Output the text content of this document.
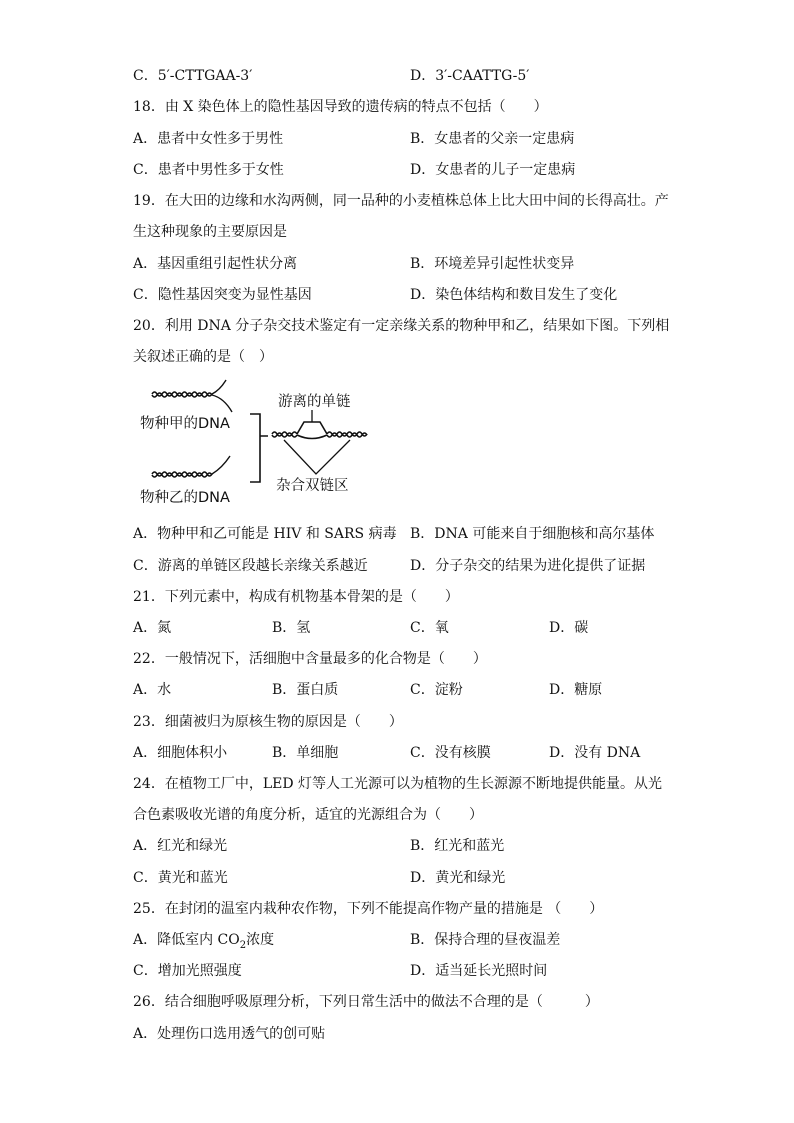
C．5′-CTTGAA-3′	D．3′-CAATTG-5′
18．由 X 染色体上的隐性基因导致的遗传病的特点不包括（　　）
A．患者中女性多于男性	B．女患者的父亲一定患病
C．患者中男性多于女性	D．女患者的儿子一定患病
19．在大田的边缘和水沟两侧，同一品种的小麦植株总体上比大田中间的长得高壮。产
生这种现象的主要原因是
A．基因重组引起性状分离	B．环境差异引起性状变异
C．隐性基因突变为显性基因	D．染色体结构和数目发生了变化
20．利用 DNA 分子杂交技术鉴定有一定亲缘关系的物种甲和乙，结果如下图。下列相
关叙述正确的是（　）
物种甲的DNA
物种乙的DNA
游离的单链
杂合双链区
A．物种甲和乙可能是 HIV 和 SARS 病毒 B．DNA 可能来自于细胞核和高尔基体
C．游离的单链区段越长亲缘关系越近	D．分子杂交的结果为进化提供了证据
21．下列元素中，构成有机物基本骨架的是（　　）
A．氮	B．氢	C．氧	D．碳
22．一般情况下，活细胞中含量最多的化合物是（　　）
A．水	B．蛋白质	C．淀粉	D．糖原
23．细菌被归为原核生物的原因是（　　）
A．细胞体积小	B．单细胞	C．没有核膜	D．没有 DNA
24．在植物工厂中，LED 灯等人工光源可以为植物的生长源源不断地提供能量。从光
合色素吸收光谱的角度分析，适宜的光源组合为（　　）
A．红光和绿光	B．红光和蓝光
C．黄光和蓝光	D．黄光和绿光
25．在封闭的温室内栽种农作物，下列不能提高作物产量的措施是 （　　）
A．降低室内 $CO_2$浓度	B．保持合理的昼夜温差
C．增加光照强度	D．适当延长光照时间
26．结合细胞呼吸原理分析，下列日常生活中的做法不合理的是（　　　）
A．处理伤口选用透气的创可贴
